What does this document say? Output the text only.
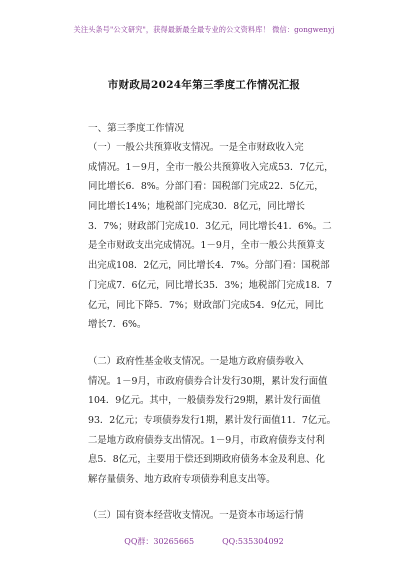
关注头条号"公文研究"，获得最新最全最专业的公文资料库！ 微信：gongwenyj
市财政局2024年第三季度工作情况汇报
一、第三季度工作情况
（一）一般公共预算收支情况。一是全市财政收入完
成情况。1－9月，全市一般公共预算收入完成53．7亿元，
同比增长6．8%。分部门看：国税部门完成22．5亿元，
同比增长14%；地税部门完成30．8亿元，同比增长
3．7%；财政部门完成10．3亿元，同比增长41．6%。二
是全市财政支出完成情况。1－9月，全市一般公共预算支
出完成108．2亿元，同比增长4．7%。分部门看：国税部
门完成7．6亿元，同比增长35．3%；地税部门完成18．7
亿元，同比下降5．7%；财政部门完成54．9亿元，同比
增长7．6%。
（二）政府性基金收支情况。一是地方政府债券收入
情况。1－9月，市政府债券合计发行30期，累计发行面值
104．9亿元。其中，一般债券发行29期，累计发行面值
93．2亿元；专项债券发行1期，累计发行面值11．7亿元。
二是地方政府债券支出情况。1－9月，市政府债券支付利
息5．8亿元，主要用于偿还到期政府债务本金及利息、化
解存量债务、地方政府专项债券利息支出等。
（三）国有资本经营收支情况。一是资本市场运行情
QQ群：30265665	QQ:535304092
